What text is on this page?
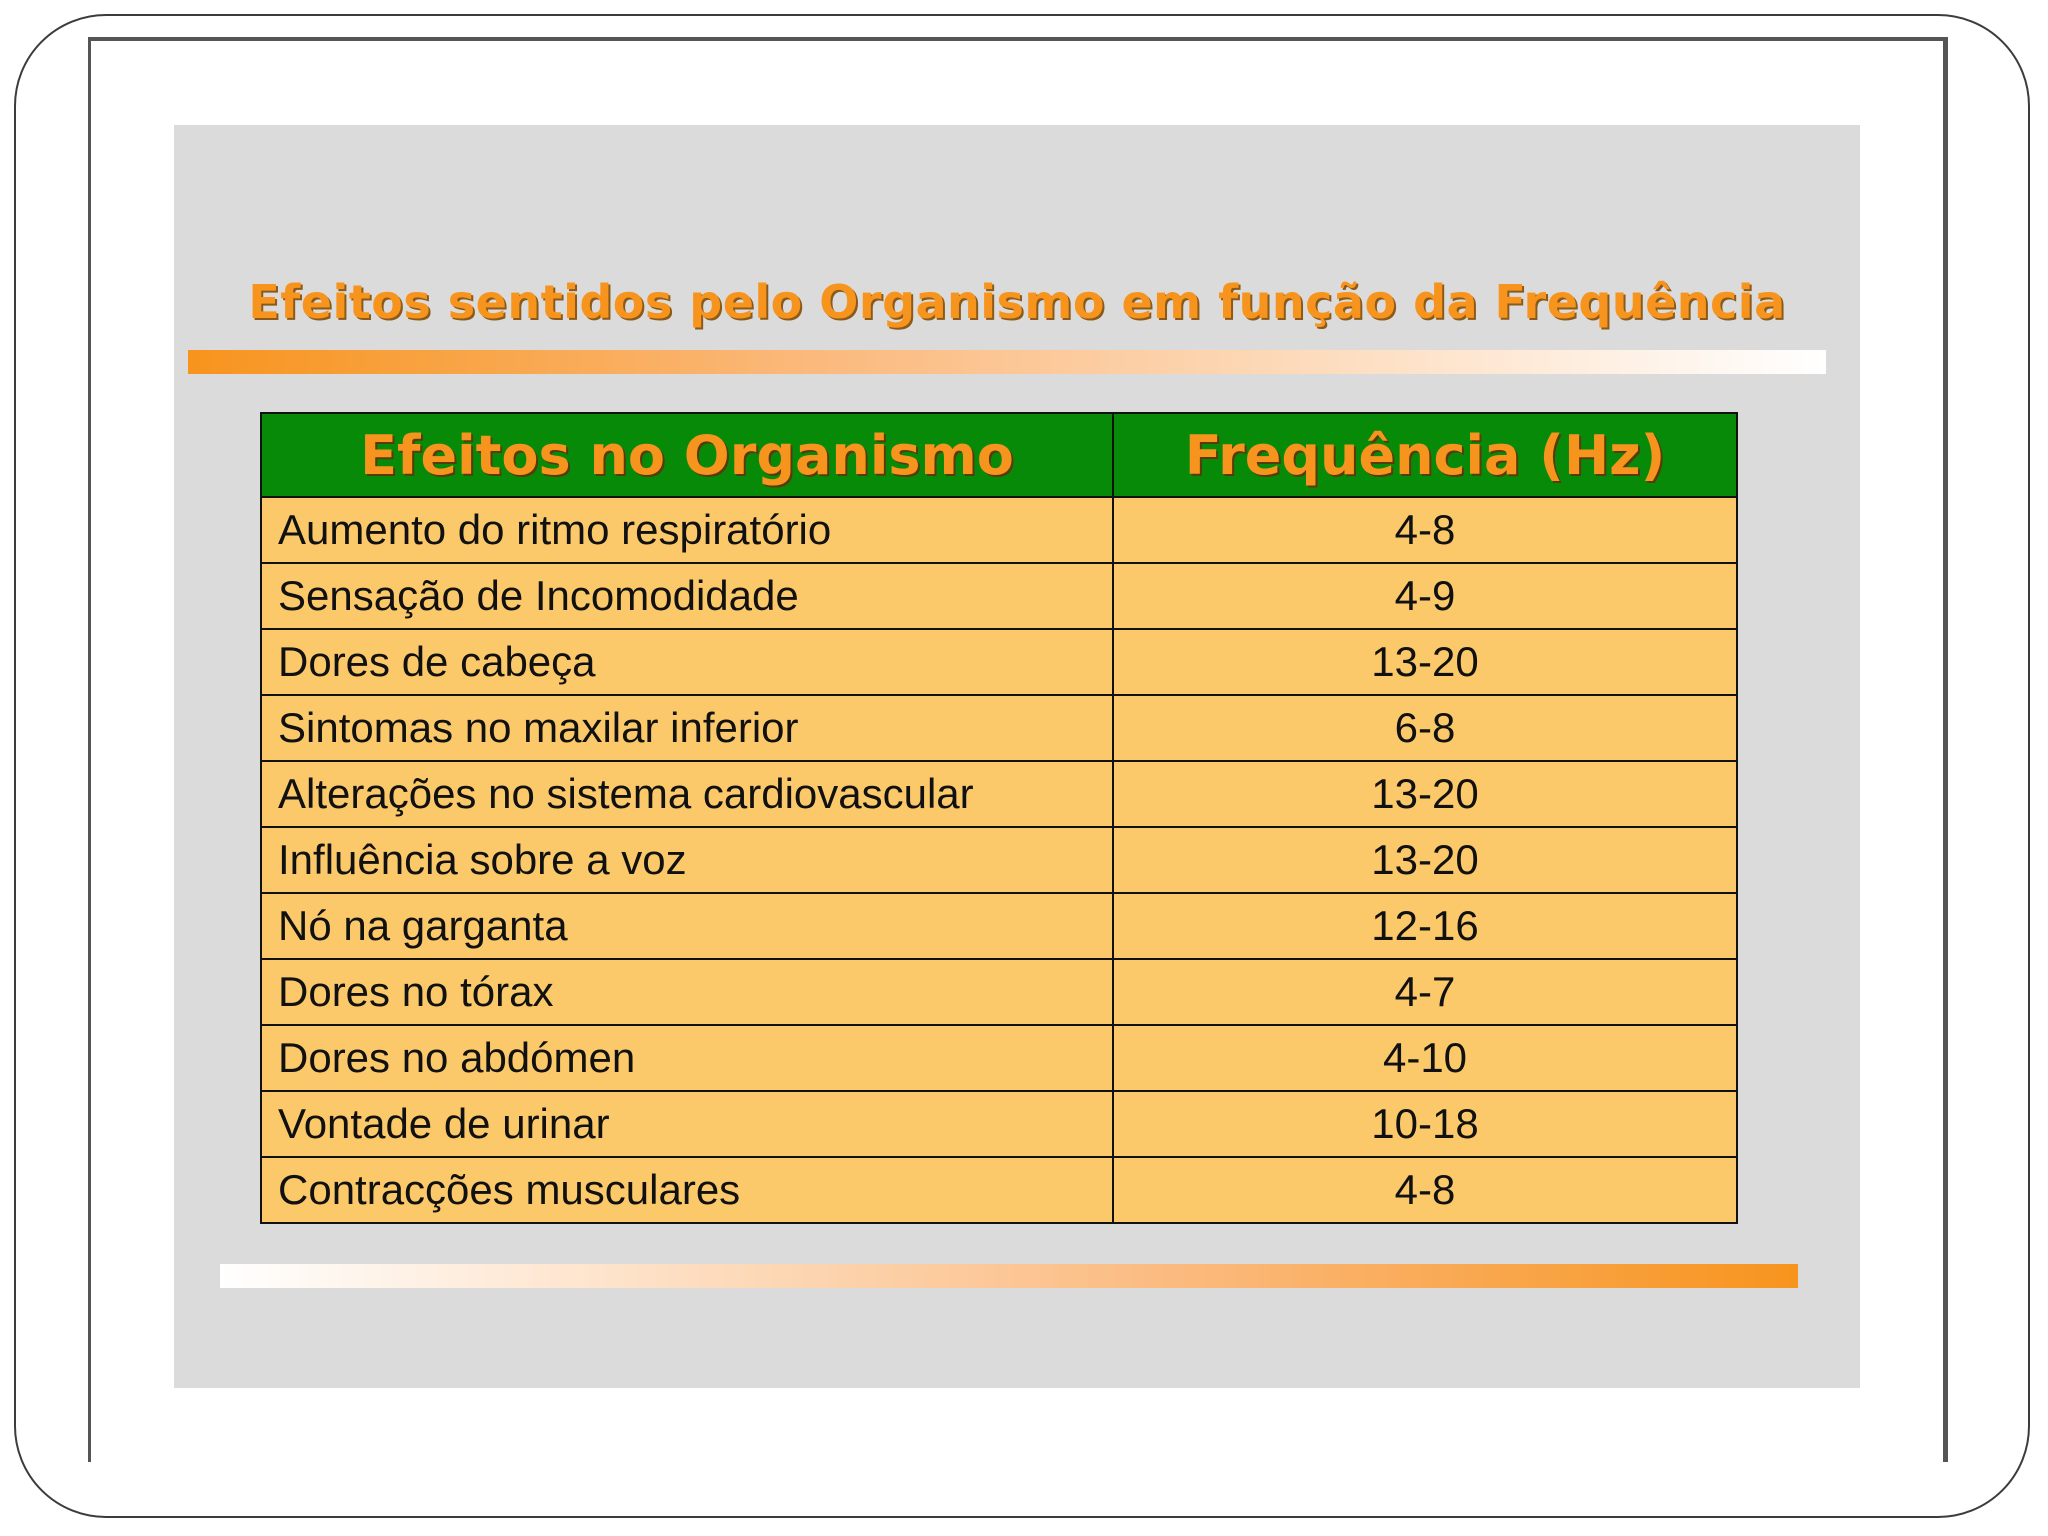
Efeitos sentidos pelo Organismo em função da Frequência
Efeitos no Organismo	Frequência (Hz)
Aumento do ritmo respiratório	4-8
Sensação de Incomodidade	4-9
Dores de cabeça	13-20
Sintomas no maxilar inferior	6-8
Alterações no sistema cardiovascular	13-20
Influência sobre a voz	13-20
Nó na garganta	12-16
Dores no tórax	4-7
Dores no abdómen	4-10
Vontade de urinar	10-18
Contracções musculares	4-8
